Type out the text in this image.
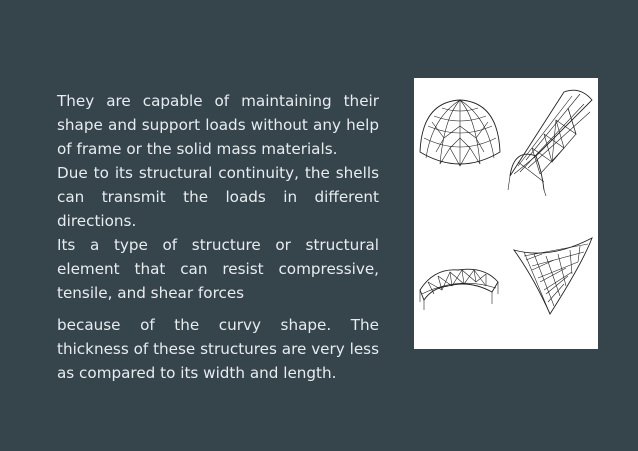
They are capable of maintaining their shape and support loads without any help of frame or the solid mass materials.

Due to its structural continuity, the shells can transmit the loads in different directions.

Its a type of structure or structural element that can resist compressive, tensile, and shear forces

because of the curvy shape. The thickness of these structures are very less as compared to its width and length.
